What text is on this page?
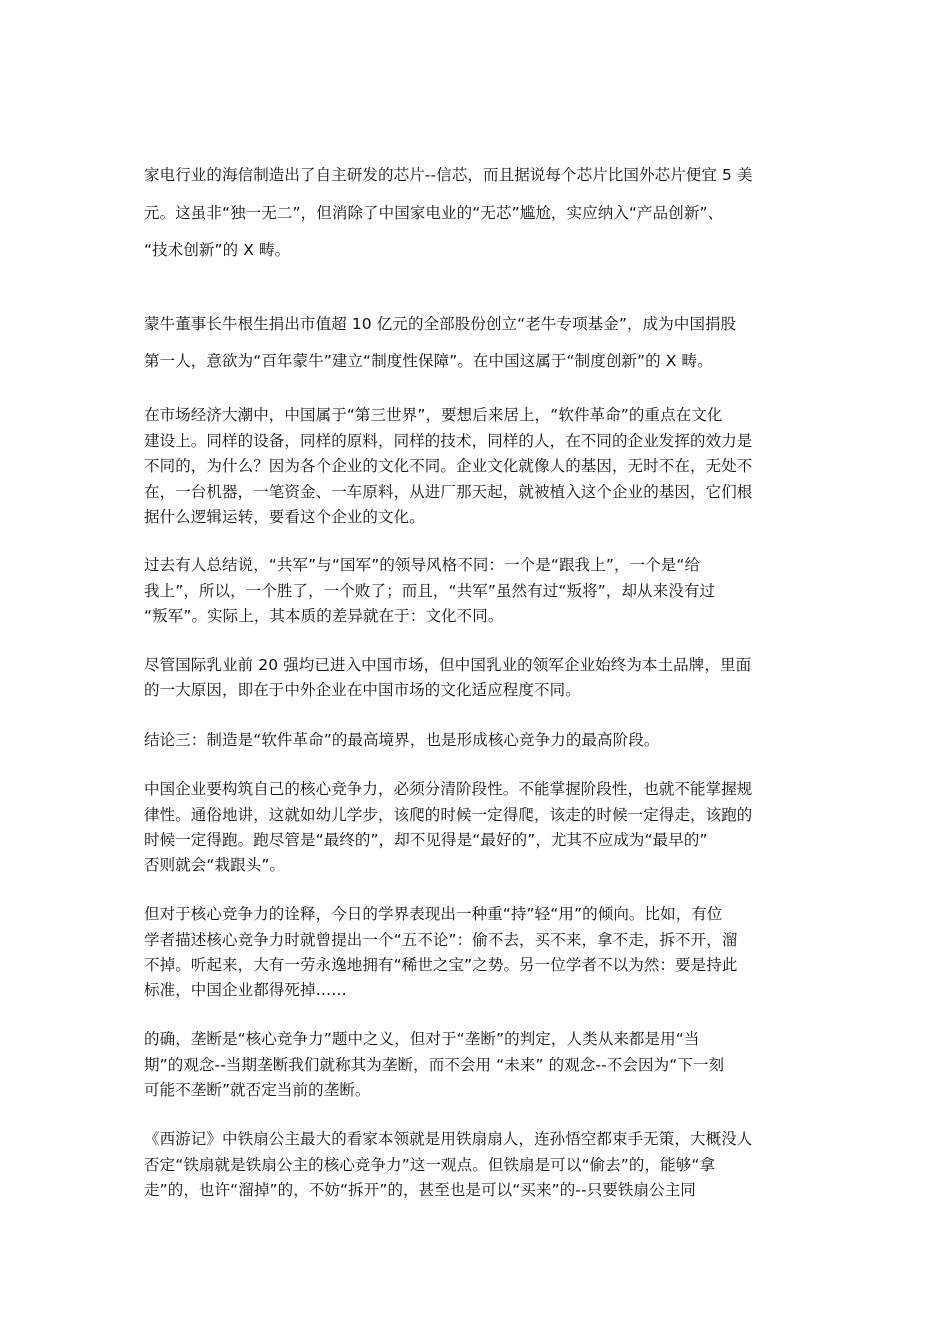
家电行业的海信制造出了自主研发的芯片--信芯，而且据说每个芯片比国外芯片便宜 5 美
元。这虽非“独一无二”，但消除了中国家电业的“无芯”尴尬，实应纳入“产品创新”、
“技术创新”的 X 畴。
蒙牛董事长牛根生捐出市值超 10 亿元的全部股份创立“老牛专项基金”，成为中国捐股
第一人，意欲为“百年蒙牛”建立“制度性保障”。在中国这属于“制度创新”的 X 畴。
在市场经济大潮中，中国属于“第三世界”，要想后来居上，“软件革命”的重点在文化
建设上。同样的设备，同样的原料，同样的技术，同样的人，在不同的企业发挥的效力是
不同的，为什么？因为各个企业的文化不同。企业文化就像人的基因，无时不在，无处不
在，一台机器，一笔资金、一车原料，从进厂那天起，就被植入这个企业的基因，它们根
据什么逻辑运转，要看这个企业的文化。
过去有人总结说，“共军”与“国军”的领导风格不同：一个是“跟我上”，一个是“给
我上”，所以，一个胜了，一个败了；而且，“共军”虽然有过“叛将”，却从来没有过
“叛军”。实际上，其本质的差异就在于：文化不同。
尽管国际乳业前 20 强均已进入中国市场，但中国乳业的领军企业始终为本土品牌，里面
的一大原因，即在于中外企业在中国市场的文化适应程度不同。
结论三：制造是“软件革命”的最高境界，也是形成核心竞争力的最高阶段。
中国企业要构筑自己的核心竞争力，必须分清阶段性。不能掌握阶段性，也就不能掌握规
律性。通俗地讲，这就如幼儿学步，该爬的时候一定得爬，该走的时候一定得走，该跑的
时候一定得跑。跑尽管是“最终的”，却不见得是“最好的”，尤其不应成为“最早的”
否则就会“栽跟头”。
但对于核心竞争力的诠释，今日的学界表现出一种重“持”轻“用”的倾向。比如，有位
学者描述核心竞争力时就曾提出一个“五不论”：偷不去，买不来，拿不走，拆不开，溜
不掉。听起来，大有一劳永逸地拥有“稀世之宝”之势。另一位学者不以为然：要是持此
标准，中国企业都得死掉……
的确，垄断是“核心竞争力”题中之义，但对于“垄断”的判定，人类从来都是用“当
期”的观念--当期垄断我们就称其为垄断，而不会用 “未来” 的观念--不会因为“下一刻
可能不垄断”就否定当前的垄断。
《西游记》中铁扇公主最大的看家本领就是用铁扇扇人，连孙悟空都束手无策，大概没人
否定“铁扇就是铁扇公主的核心竞争力”这一观点。但铁扇是可以“偷去”的，能够“拿
走”的，也许“溜掉”的，不妨“拆开”的，甚至也是可以“买来”的--只要铁扇公主同
